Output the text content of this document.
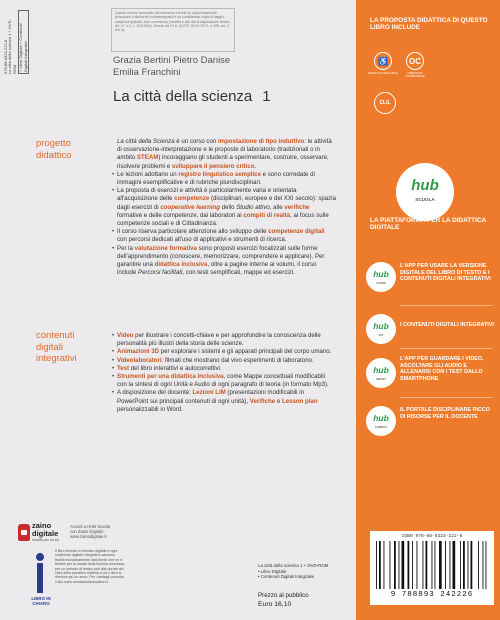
Questo volume sprovvisto del talloncino a fronte (o opportunamente punzonato o altrimenti contrassegnato) è da considerarsi copia di saggio-campione gratuito, fuori commercio (vendita e altri atti di disposizione vietati: art. 17, c.2, L. 633/1941). Esente da I.V.A. (D.P.R. 26-10-1972, n. 633, art. 2, lett. d).
978-88-9324-222-6 La città della scienza 1 + DVD-ROM + Libro Digitale + Contenuti Digitali Integrativi	Grazia Bertini Pietro Danise
Emilia Franchini
La città della scienza 1
progetto
didattico
contenuti
digitali
integrativi

La città della Scienza è un corso con impostazione di tipo induttivo: le attività di osservazione-interpretazione e le proposte di laboratorio (tradizionali o in ambito STEAM) incoraggiano gli studenti a sperimentare, costruire, osservare, risolvere problemi e sviluppare il pensiero critico.

• Le lezioni adottano un registro linguistico semplice e sono corredate di immagini esemplificative e di rubriche plundisciplinari.
• La proposta di esercizi e attività è particolarmente varia e orientata all'acquisizione delle competenze (disciplinari, europee e del XXI secolo): spazia dagli esercizi di cooperative learning dello Studio attivo, alle verifiche formative e delle competenze, dai laboratori ai compiti di realtà, ai focus sulle competenze sociali e di Cittadinanza.
• Il corso riserva particolare attenzione allo sviluppo delle competenze digitali con percorsi dedicati all'uso di applicativi e strumenti di ricerca.
• Per la valutazione formativa sono proposti esercizi focalizzati sulle forme dell'apprendimento (conoscere, memorizzare, comprendere e applicare). Per garantire una didattica inclusiva, oltre a pagine interne ai volumi, il corso include Percorsi facilitati, con testi semplificati, mappe ed esercizi.
• Video per illustrare i concetti-chiave e per approfondire la conoscenza delle personalità più illustri della storia delle scienze.
• Animazioni 3D per esplorare i sistemi e gli apparati principali del corpo umano.
• Videolaboratori: filmati che mostrano dal vivo esperimenti di laboratorio.
• Test del libro interattivi e autocorrettivi.
• Strumenti per una didattica inclusiva, come Mappe concettuali modificabili con la sintesi di ogni Unità e Audio di ogni paragrafo di teoria (in formato Mp3).
• A disposizione del docente: Lezioni LIM (presentazioni modificabili in PowerPoint sui principali contenuti di ogni unità), Verifiche e Lesson plan personalizzabili in Word.
zaino digitale
mobile per un bit
Accedi a HUB Scuola
con Zaino Digitale
www.zainodigitale.it
LIBRO IN CHIARO
Il libro di testo in formato digitale e ogni contenuto digitale integrativo saranno fruibili esclusivamente dall'utente che ne è titolare per la durata della licenza concessa, per un periodo di tempo pari alla durata del ciclo della specifica materia a cui il libro si riferisce più un anno. Per i dettagli consulta il sito www.mondadorieducation.it
LA PROPOSTA DIDATTICA DI QUESTO LIBRO INCLUDE
♿
DIDATTICA INCLUSIVA
OC
OBIETTIVO COMPETENZE
CLIL
hub
SCUOLA
LA PIATTAFORMA PER LA DIDATTICA DIGITALE
hub
YOUNG
L'APP PER USARE LA VERSIONE DIGITALE DEL LIBRO DI TESTO E I CONTENUTI DIGITALI INTEGRATIVI
hub
KIT
I CONTENUTI DIGITALI INTEGRATIVI
hub
SMART
L'APP PER GUARDARE I VIDEO, ASCOLTARE GLI AUDIO E ALLENARSI CON I TEST DALLO SMARTPHONE
hub
CAMPUS
IL PORTALE DISCIPLINARE RICCO DI RISORSE PER IL DOCENTE
La città della scienza 1 + DVD-ROM
• Libro Digitale
• Contenuti Digitali Integrativi
Prezzo al pubblico
Euro 16,10
ISBN 978-88-9324-222-6
9 788893 242226
